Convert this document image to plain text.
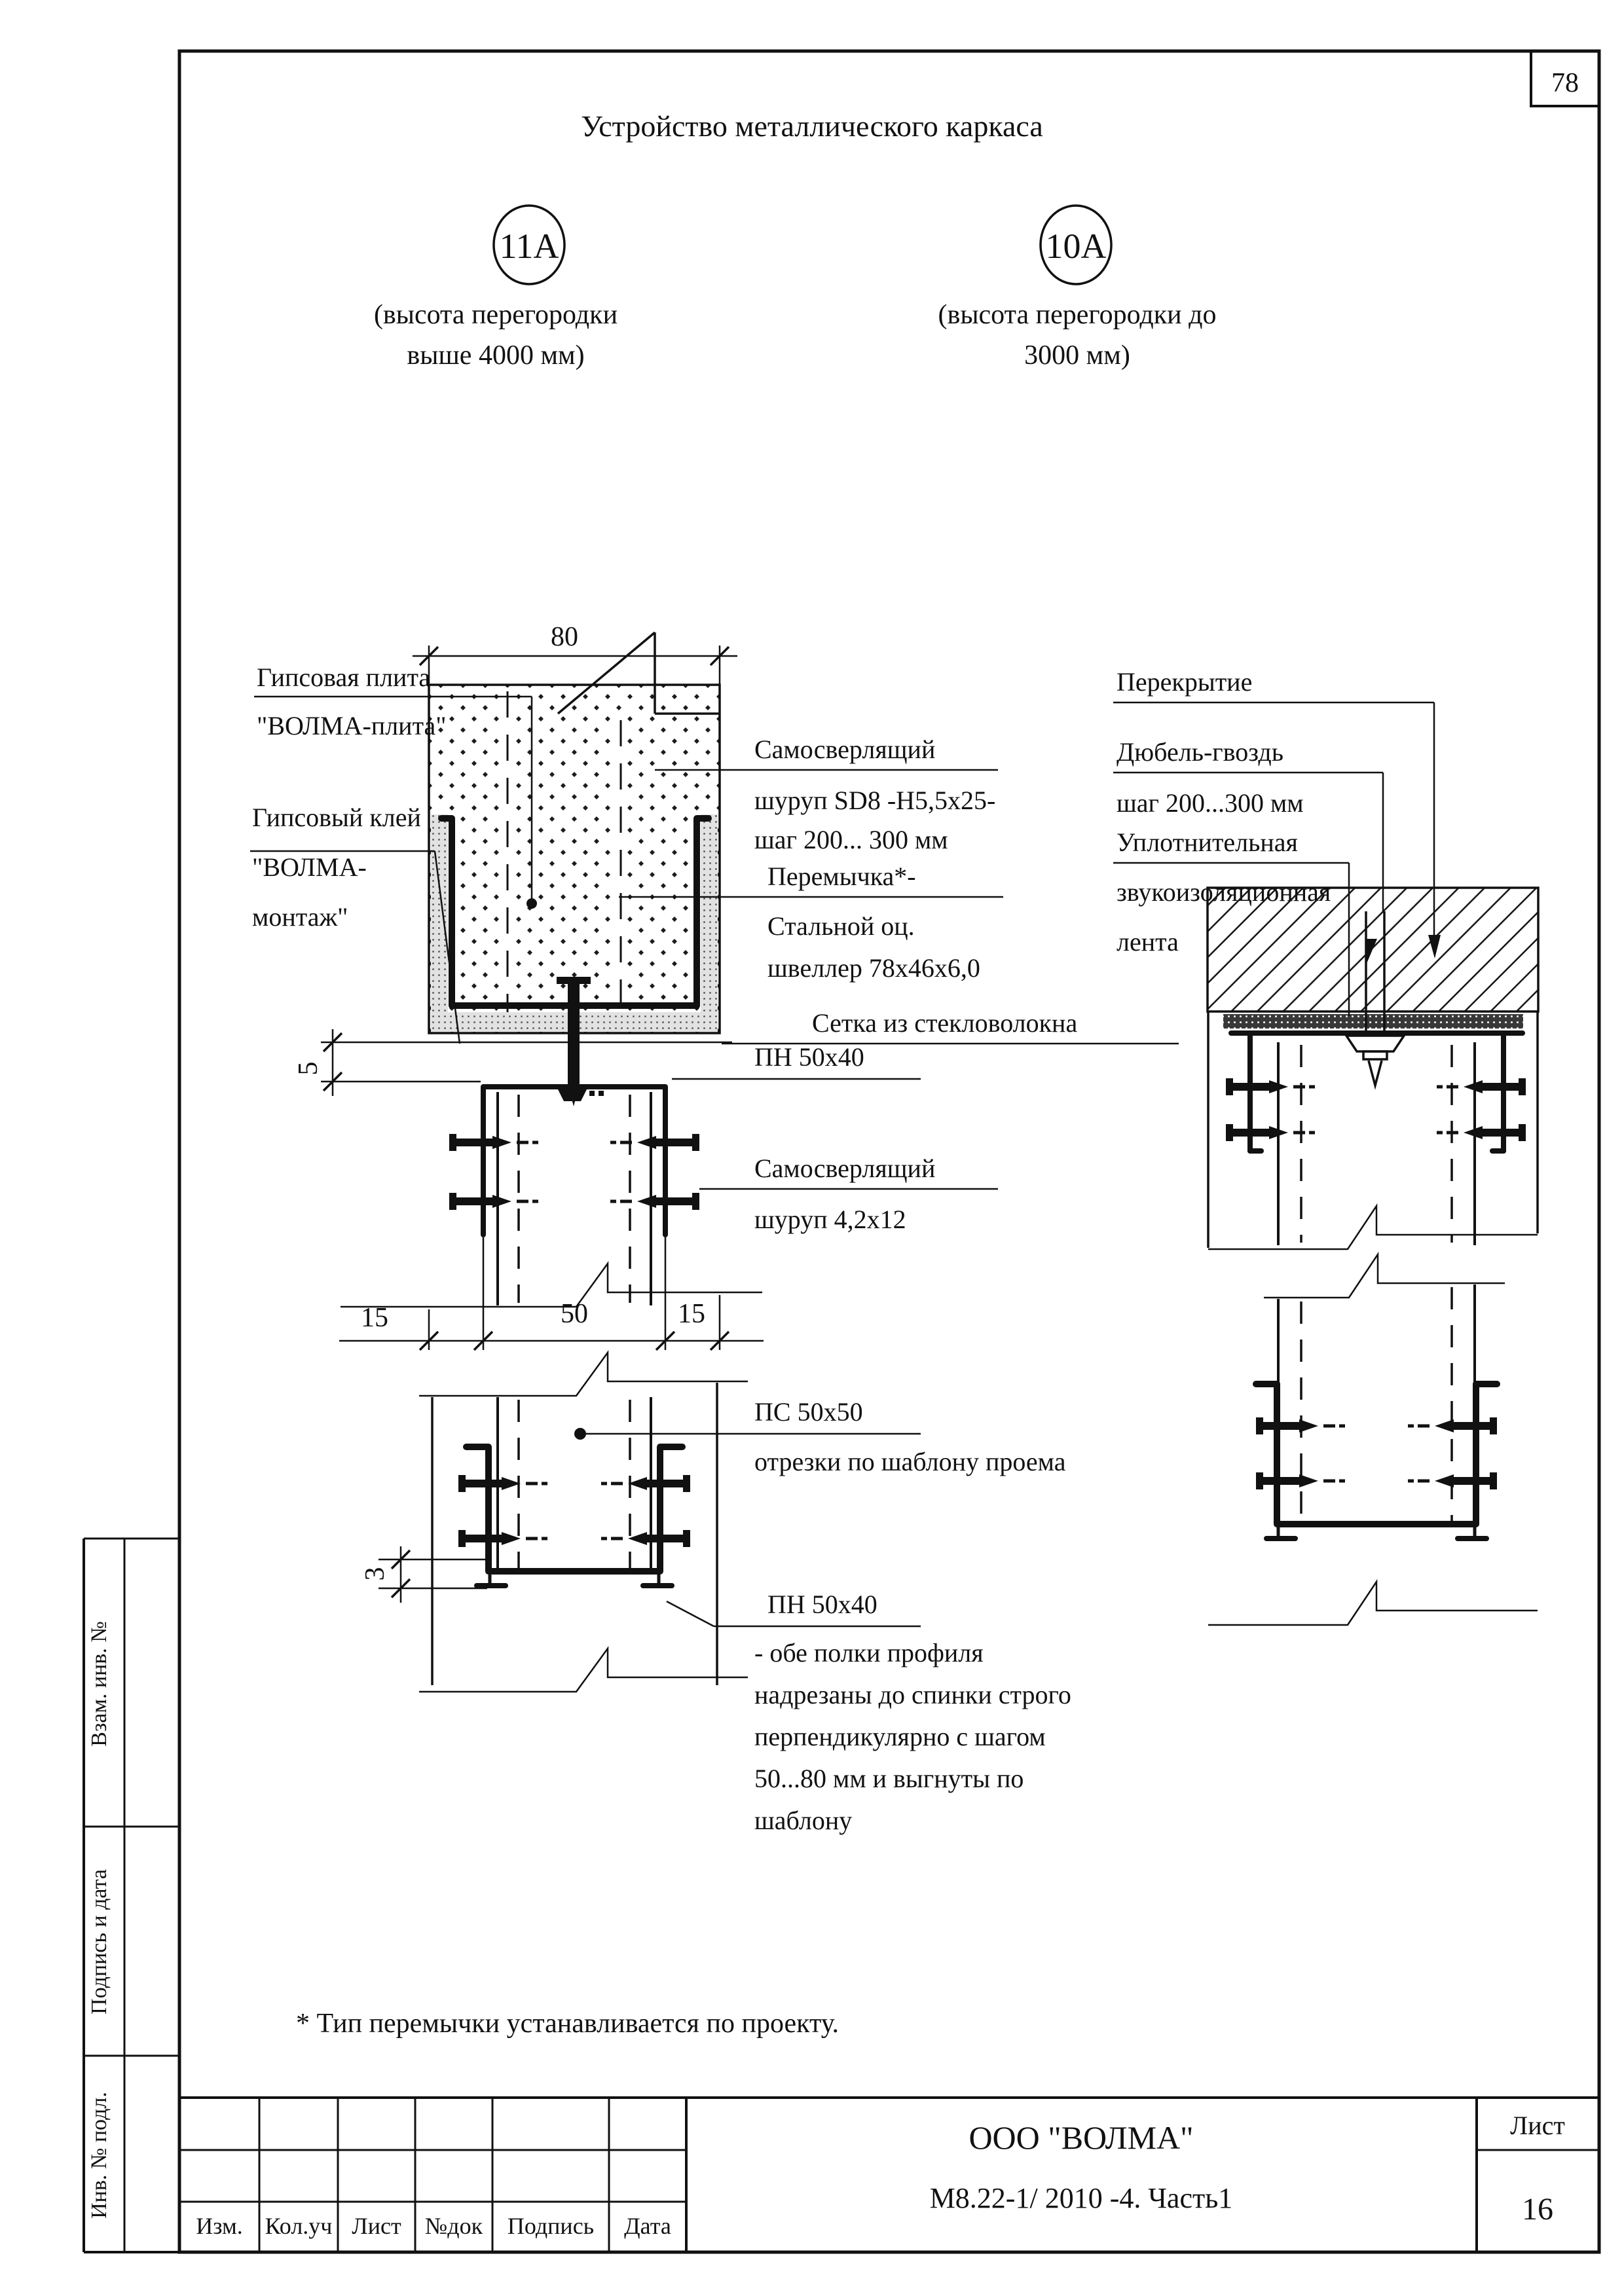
78
Устройство металлического каркаса
11А
(высота перегородки
выше 4000 мм)
10А
(высота перегородки до
3000 мм)
80
5
15	50	15
3
Гипсовая плита
"ВОЛМА-плита"
Гипсовый клей
"ВОЛМА-
монтаж"
Самосверлящий
шуруп SD8 -Н5,5х25-
шаг 200... 300 мм
Перемычка*-
Стальной оц.
швеллер 78х46х6,0
Сетка из стекловолокна
ПН 50х40
Самосверлящий
шуруп 4,2х12
ПС 50х50
отрезки по шаблону проема
ПН 50х40
- обе полки профиля
надрезаны до спинки строго
перпендикулярно с шагом
50...80 мм и выгнуты по
шаблону
Перекрытие
Дюбель-гвоздь
шаг 200...300 мм
Уплотнительная
звукоизоляционная
лента
* Тип перемычки устанавливается по проекту.
Изм. Кол.уч Лист №док Подпись Дата
ООО "ВОЛМА"
М8.22-1/ 2010 -4. Часть1
Лист
16
Взам. инв. №
Подпись и дата
Инв. № подл.
